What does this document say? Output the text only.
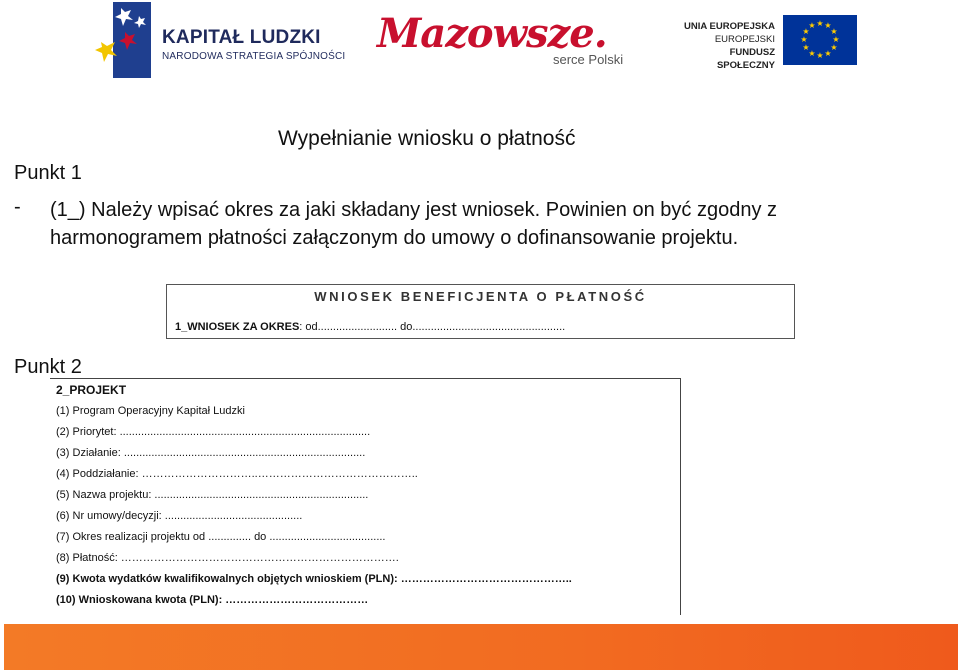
KAPITAŁ LUDZKI
NARODOWA STRATEGIA SPÓJNOŚCI Mazowsze.
serce Polski
UNIA EUROPEJSKA
EUROPEJSKI
FUNDUSZ SPOŁECZNY
★ ★
★
★
★
★
★
★
★
★
★
★
Wypełnianie wniosku o płatność
Punkt 1
- (1_) Należy wpisać okres za jaki składany jest wniosek. Powinien on być zgodny z harmonogramem płatności załączonym do umowy o dofinansowanie projektu.
WNIOSEK BENEFICJENTA O PŁATNOŚĆ
1_WNIOSEK ZA OKRES: od.......................... do..................................................
Punkt 2
2_PROJEKT
(1) Program Operacyjny Kapitał Ludzki
(2) Priorytet: ..................................................................................
(3) Działanie: ...............................................................................
(4) Poddziałanie: …………………………..……………………………………..
(5) Nazwa projektu: ......................................................................
(6) Nr umowy/decyzji: .............................................
(7) Okres realizacji projektu od .............. do ......................................
(8) Płatność: ………………………………………………………………….
(9) Kwota wydatków kwalifikowalnych objętych wnioskiem (PLN): ………………………………………..
(10) Wnioskowana kwota (PLN): …………………………………
